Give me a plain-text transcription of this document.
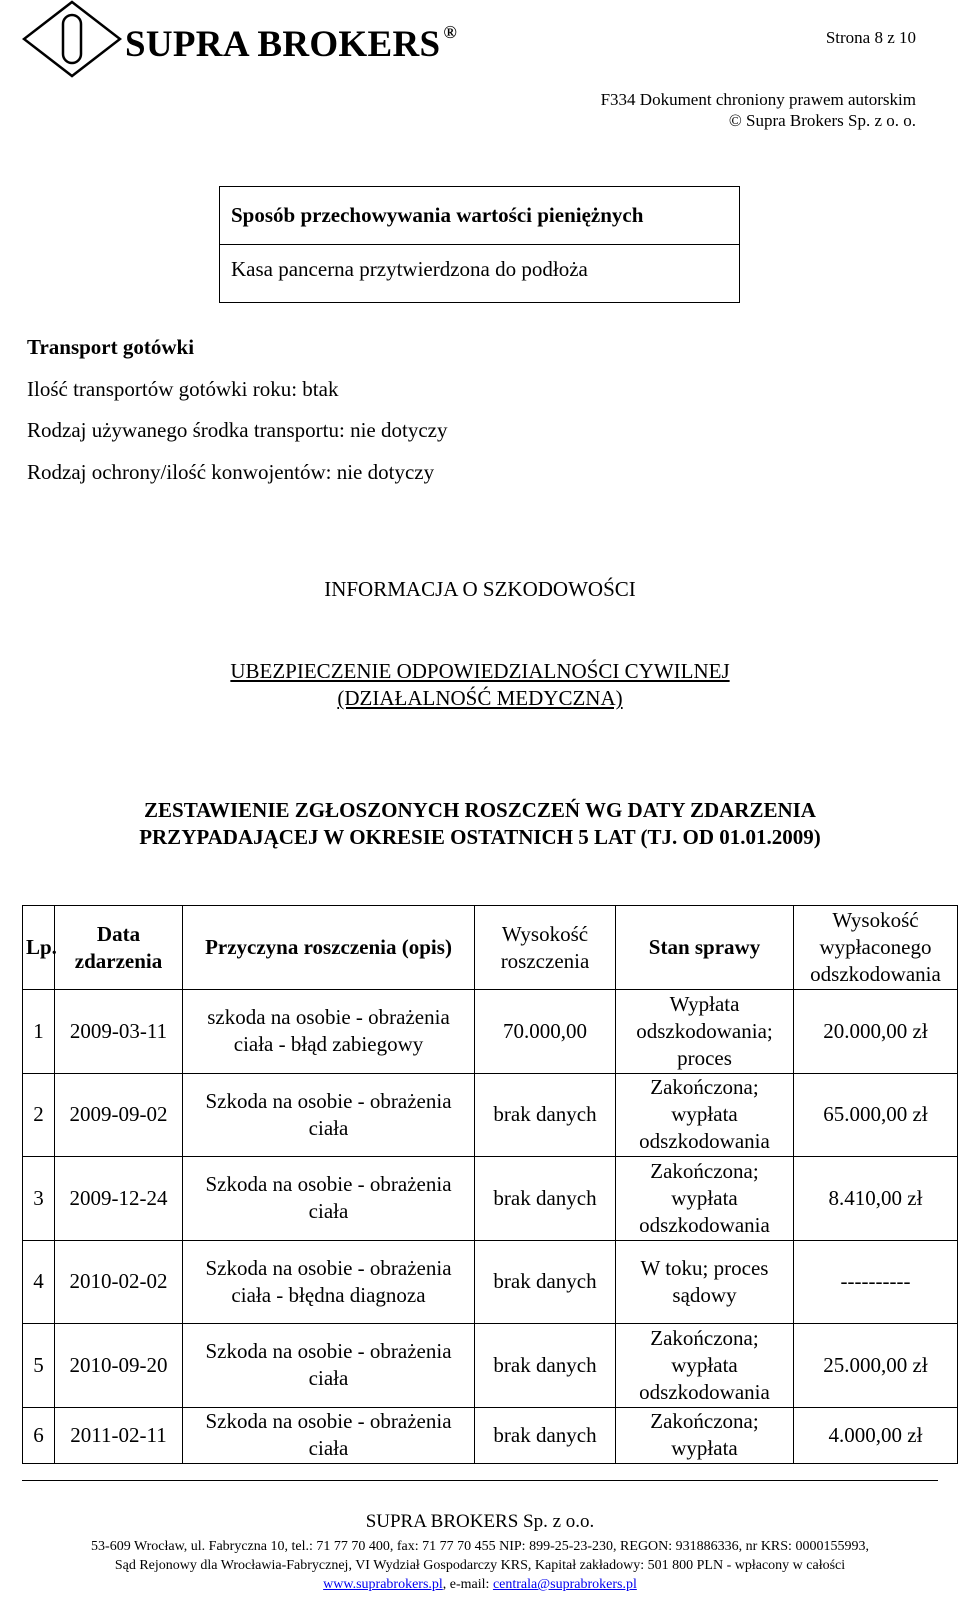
SUPRA BROKERS ®	Strona 8 z 10
F334 Dokument chroniony prawem autorskim
© Supra Brokers Sp. z o. o.
Sposób przechowywania wartości pieniężnych
Kasa pancerna przytwierdzona do podłoża
Transport gotówki
Ilość transportów gotówki roku: btak
Rodzaj używanego środka transportu: nie dotyczy
Rodzaj ochrony/ilość konwojentów: nie dotyczy
INFORMACJA O SZKODOWOŚCI
UBEZPIECZENIE ODPOWIEDZIALNOŚCI CYWILNEJ
(DZIAŁALNOŚĆ MEDYCZNA)
ZESTAWIENIE ZGŁOSZONYCH ROSZCZEŃ WG DATY ZDARZENIA
PRZYPADAJĄCEJ W OKRESIE OSTATNICH 5 LAT (TJ. OD 01.01.2009)
Lp.	Data zdarzenia	Przyczyna roszczenia (opis)	Wysokość roszczenia	Stan sprawy	Wysokość wypłaconego odszkodowania
1	2009-03-11	szkoda na osobie - obrażenia ciała - błąd zabiegowy	70.000,00	Wypłata odszkodowania; proces	20.000,00 zł
2	2009-09-02	Szkoda na osobie - obrażenia ciała	brak danych	Zakończona; wypłata odszkodowania	65.000,00 zł
3	2009-12-24	Szkoda na osobie - obrażenia ciała	brak danych	Zakończona; wypłata odszkodowania	8.410,00 zł
4	2010-02-02	Szkoda na osobie - obrażenia ciała - błędna diagnoza	brak danych	W toku; proces sądowy	----------
5	2010-09-20	Szkoda na osobie - obrażenia ciała	brak danych	Zakończona; wypłata odszkodowania	25.000,00 zł
6	2011-02-11	Szkoda na osobie - obrażenia ciała	brak danych	Zakończona; wypłata	4.000,00 zł
SUPRA BROKERS Sp. z o.o.
53-609 Wrocław, ul. Fabryczna 10, tel.: 71 77 70 400, fax: 71 77 70 455 NIP: 899-25-23-230, REGON: 931886336, nr KRS: 0000155993,
Sąd Rejonowy dla Wrocławia-Fabrycznej, VI Wydział Gospodarczy KRS, Kapitał zakładowy: 501 800 PLN - wpłacony w całości
www.suprabrokers.pl, e-mail: centrala@suprabrokers.pl
